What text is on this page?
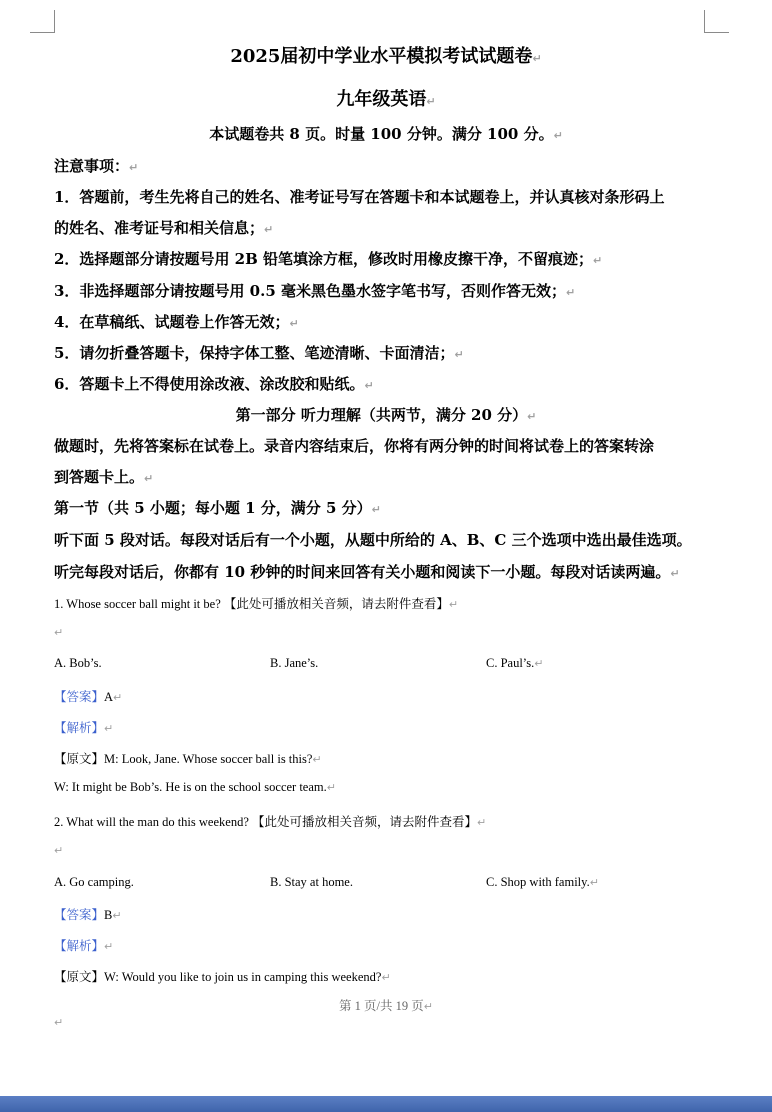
2025届初中学业水平模拟考试试题卷↵
九年级英语↵
本试题卷共 8 页。时量 100 分钟。满分 100 分。↵
注意事项：↵
1．答题前，考生先将自己的姓名、准考证号写在答题卡和本试题卷上，并认真核对条形码上
的姓名、准考证号和相关信息；↵
2．选择题部分请按题号用 2B 铅笔填涂方框，修改时用橡皮擦干净，不留痕迹；↵
3．非选择题部分请按题号用 0.5 毫米黑色墨水签字笔书写，否则作答无效；↵
4．在草稿纸、试题卷上作答无效；↵
5．请勿折叠答题卡，保持字体工整、笔迹清晰、卡面清洁；↵
6．答题卡上不得使用涂改液、涂改胶和贴纸。↵
第一部分 听力理解（共两节，满分 20 分）↵
做题时，先将答案标在试卷上。录音内容结束后，你将有两分钟的时间将试卷上的答案转涂
到答题卡上。↵
第一节（共 5 小题；每小题 1 分，满分 5 分）↵
听下面 5 段对话。每段对话后有一个小题，从题中所给的 A、B、C 三个选项中选出最佳选项。
听完每段对话后，你都有 10 秒钟的时间来回答有关小题和阅读下一小题。每段对话读两遍。↵
1. Whose soccer ball might it be? 【此处可播放相关音频，请去附件查看】↵
↵
A. Bob’s.	B. Jane’s.	C. Paul’s.↵
【答案】A↵
【解析】↵
【原文】M: Look, Jane. Whose soccer ball is this?↵
W: It might be Bob’s. He is on the school soccer team.↵
2. What will the man do this weekend? 【此处可播放相关音频，请去附件查看】↵
↵
A. Go camping.	B. Stay at home.	C. Shop with family.↵
【答案】B↵
【解析】↵
【原文】W: Would you like to join us in camping this weekend?↵
第 1 页/共 19 页↵
↵
